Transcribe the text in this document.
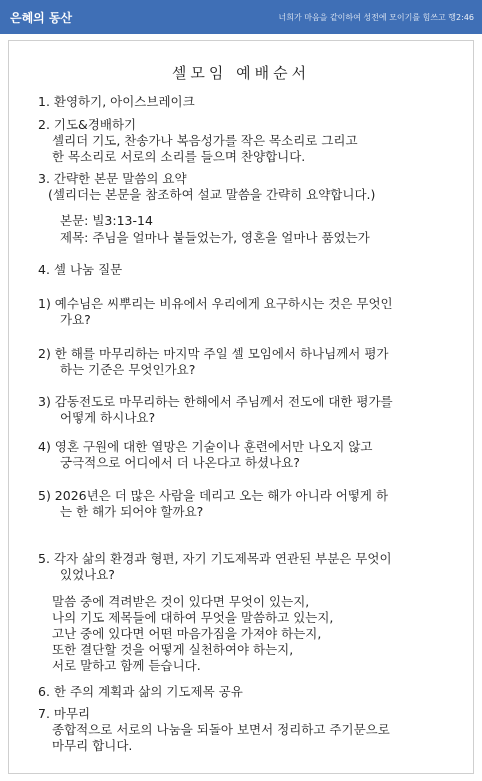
은혜의 동산	너희가 마음을 같이하여 성전에 모이기를 힘쓰고 행2:46
셀모임 예배순서
1. 환영하기, 아이스브레이크
2. 기도&경배하기
셀리더 기도, 찬송가나 복음성가를 작은 목소리로 그리고
한 목소리로 서로의 소리를 들으며 찬양합니다.
3. 간략한 본문 말씀의 요약
(셀리더는 본문을 참조하여 설교 말씀을 간략히 요약합니다.)
본문: 빌3:13-14
제목: 주님을 얼마나 붙들었는가, 영혼을 얼마나 품었는가
4. 셀 나눔 질문
1) 예수님은 씨뿌리는 비유에서 우리에게 요구하시는 것은 무엇인
가요?
2) 한 해를 마무리하는 마지막 주일 셀 모임에서 하나님께서 평가
하는 기준은 무엇인가요?
3) 감동전도로 마무리하는 한해에서 주님께서 전도에 대한 평가를
어떻게 하시나요?
4) 영혼 구원에 대한 열망은 기술이나 훈련에서만 나오지 않고
궁극적으로 어디에서 더 나온다고 하셨나요?
5) 2026년은 더 많은 사람을 데리고 오는 해가 아니라 어떻게 하
는 한 해가 되어야 할까요?
5. 각자 삶의 환경과 형편, 자기 기도제목과 연관된 부분은 무엇이
있었나요?
말씀 중에 격려받은 것이 있다면 무엇이 있는지,
나의 기도 제목들에 대하여 무엇을 말씀하고 있는지,
고난 중에 있다면 어떤 마음가짐을 가져야 하는지,
또한 결단할 것을 어떻게 실천하여야 하는지,
서로 말하고 함께 듣습니다.
6. 한 주의 계획과 삶의 기도제목 공유
7. 마무리
종합적으로 서로의 나눔을 되돌아 보면서 정리하고 주기문으로
마무리 합니다.
